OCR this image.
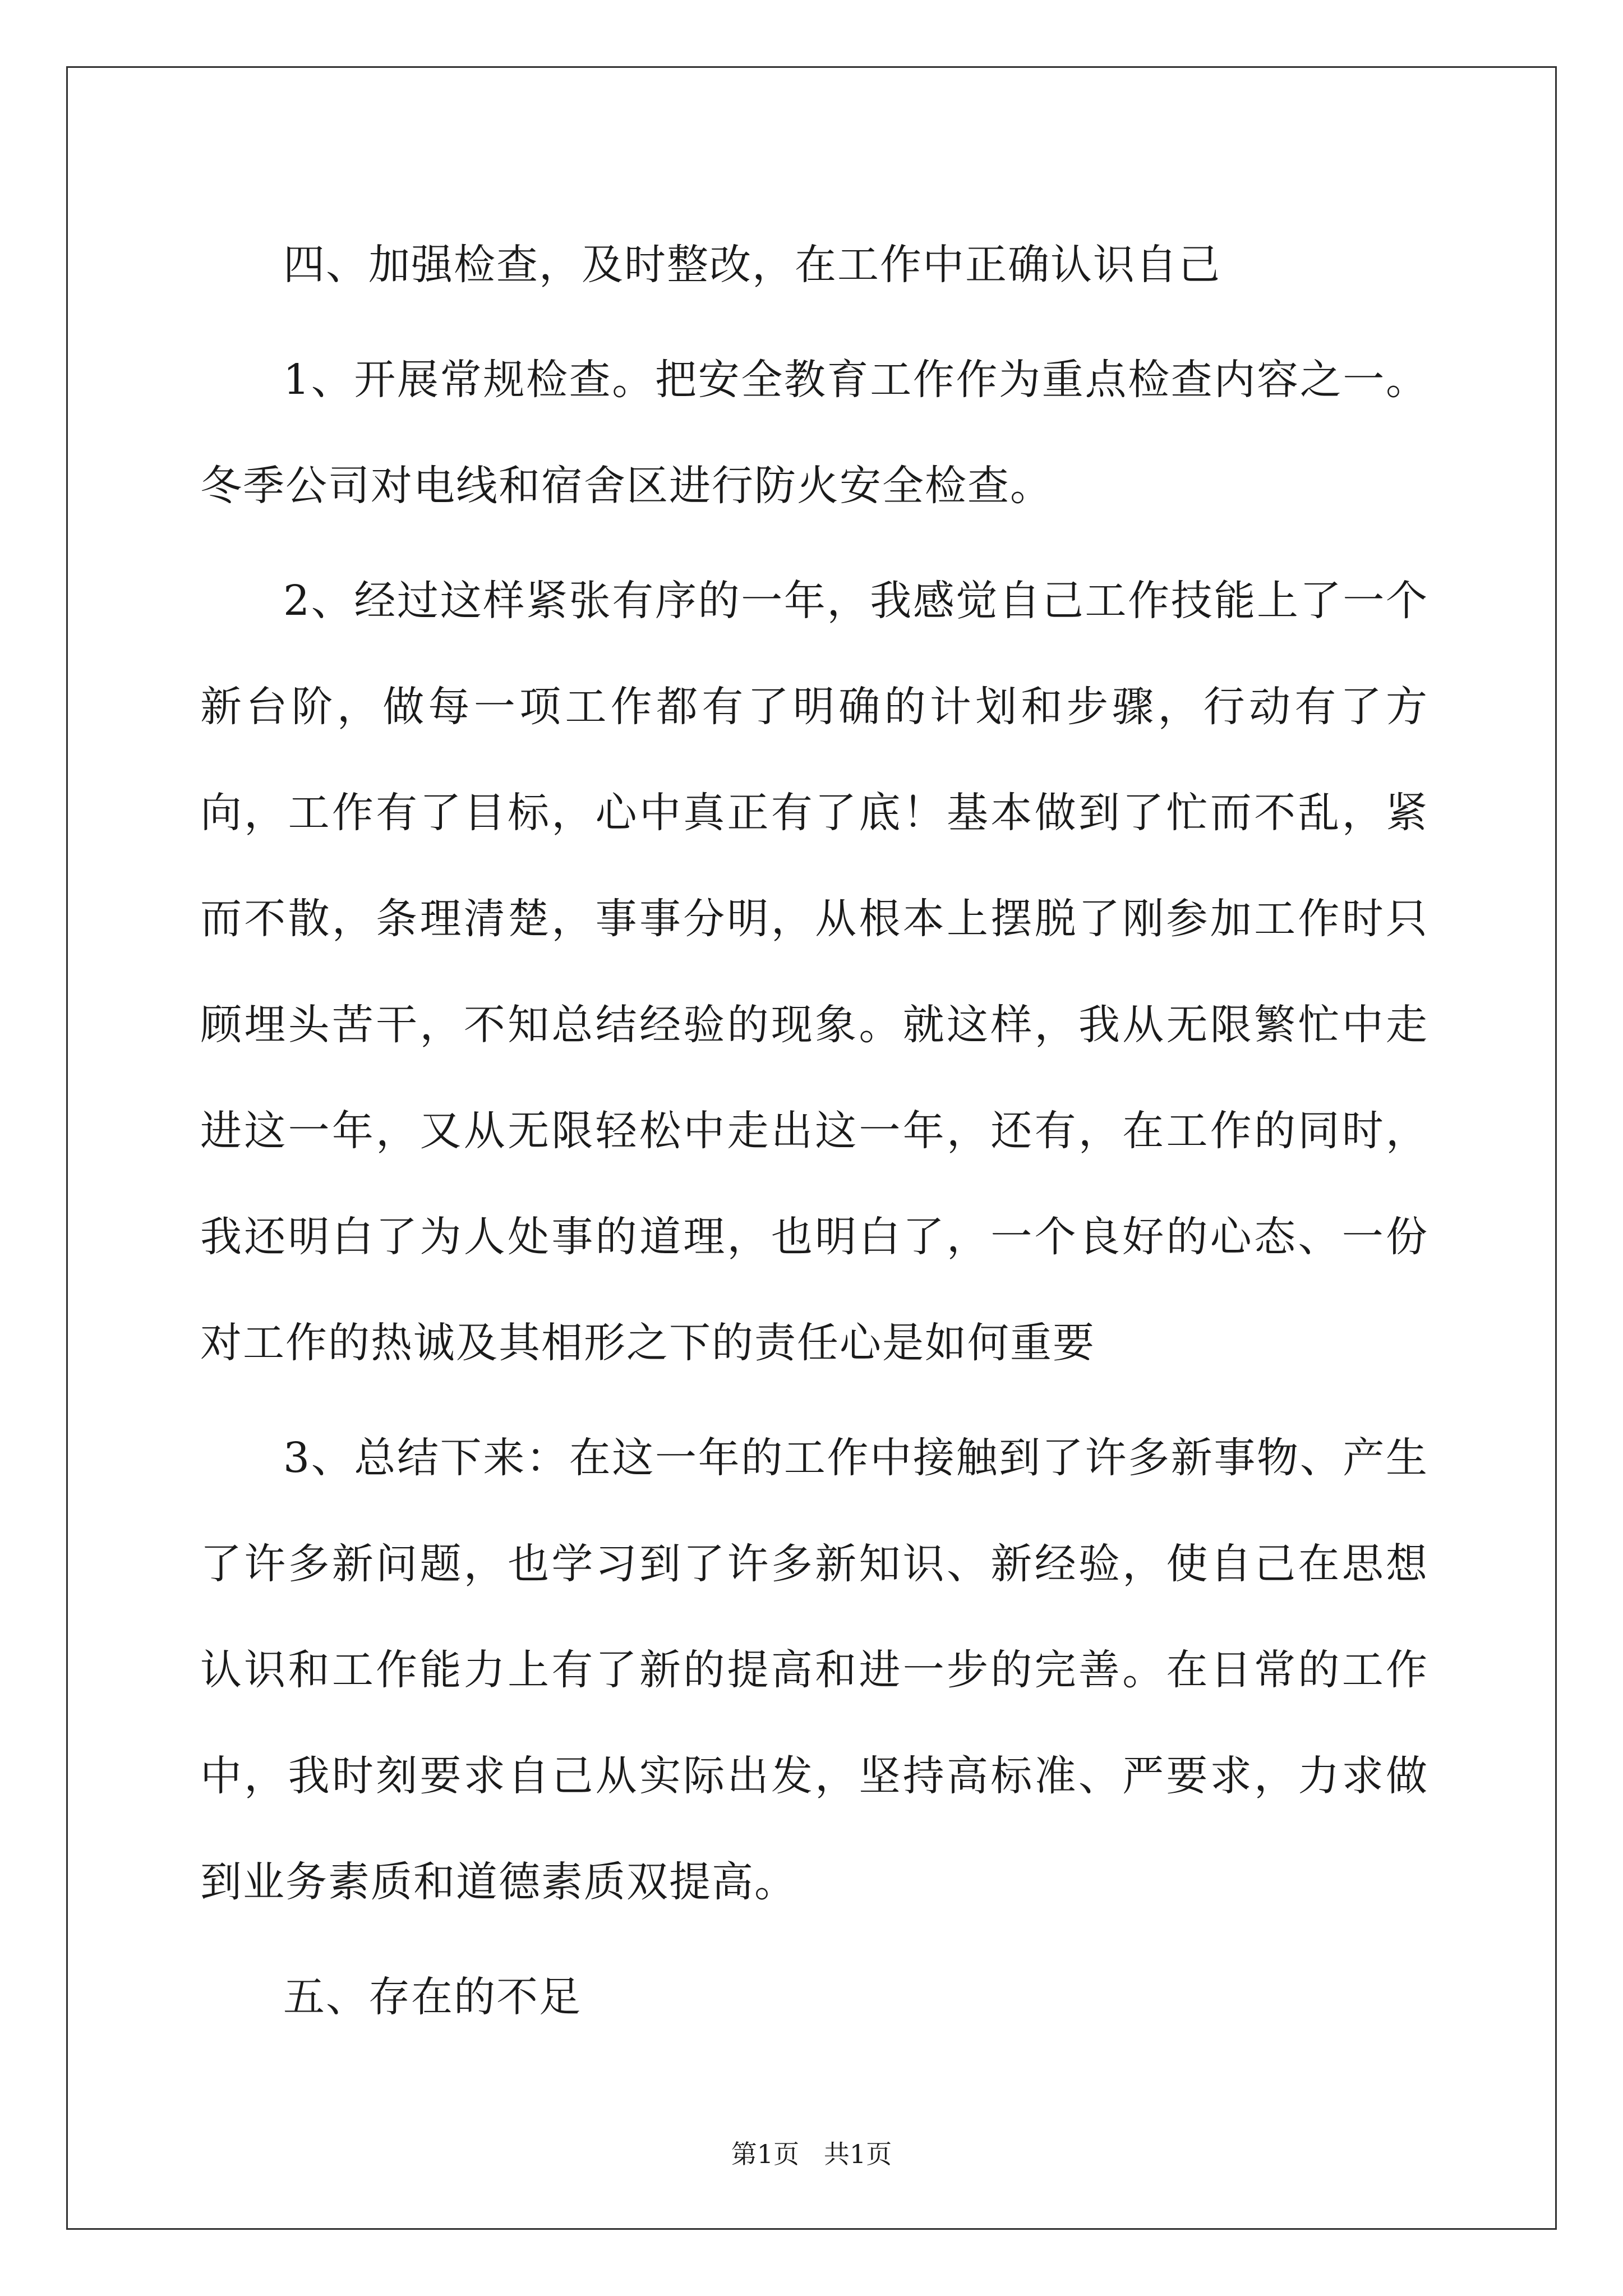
四、加强检查，及时整改，在工作中正确认识自己

1、开展常规检查。把安全教育工作作为重点检查内容之一。冬季公司对电线和宿舍区进行防火安全检查。

2、经过这样紧张有序的一年，我感觉自己工作技能上了一个新台阶，做每一项工作都有了明确的计划和步骤，行动有了方向，工作有了目标，心中真正有了底！基本做到了忙而不乱，紧而不散，条理清楚，事事分明，从根本上摆脱了刚参加工作时只顾埋头苦干，不知总结经验的现象。就这样，我从无限繁忙中走进这一年，又从无限轻松中走出这一年，还有，在工作的同时，我还明白了为人处事的道理，也明白了，一个良好的心态、一份对工作的热诚及其相形之下的责任心是如何重要

3、总结下来：在这一年的工作中接触到了许多新事物、产生了许多新问题，也学习到了许多新知识、新经验，使自己在思想认识和工作能力上有了新的提高和进一步的完善。在日常的工作中，我时刻要求自己从实际出发，坚持高标准、严要求，力求做到业务素质和道德素质双提高。

五、存在的不足

第1页   共1页
